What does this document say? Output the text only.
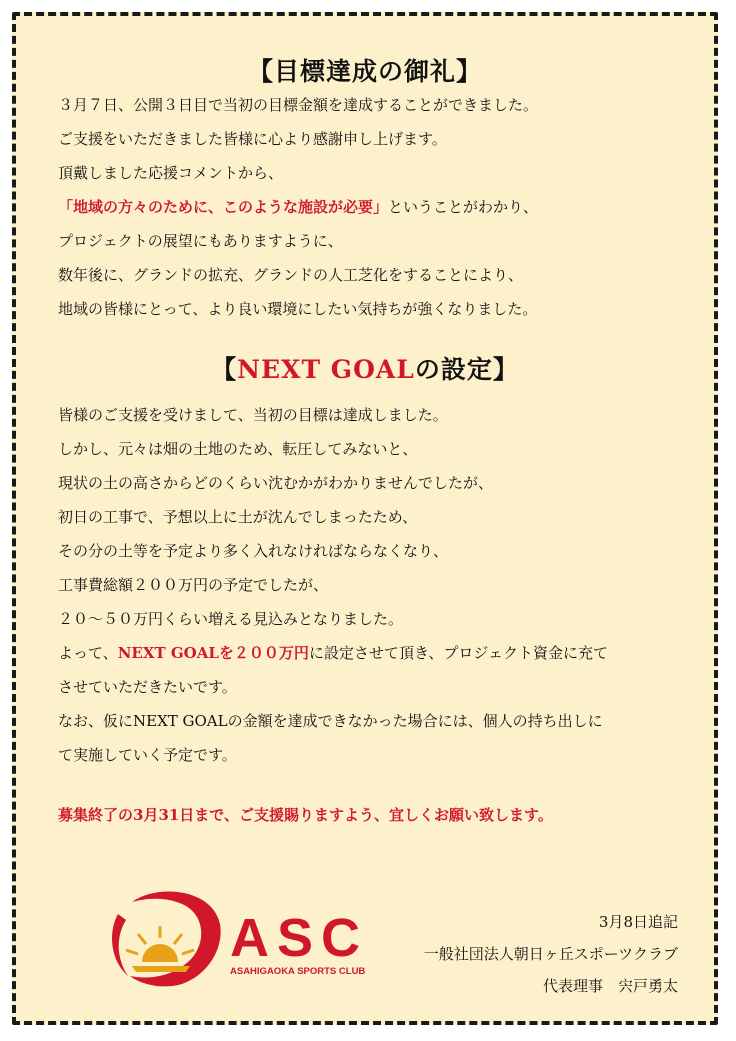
【目標達成の御礼】
３月７日、公開３日目で当初の目標金額を達成することができました。
ご支援をいただきました皆様に心より感謝申し上げます。
頂戴しました応援コメントから、
「地域の方々のために、このような施設が必要」ということがわかり、
プロジェクトの展望にもありますように、
数年後に、グランドの拡充、グランドの人工芝化をすることにより、
地域の皆様にとって、より良い環境にしたい気持ちが強くなりました。
【NEXT GOALの設定】
皆様のご支援を受けまして、当初の目標は達成しました。
しかし、元々は畑の土地のため、転圧してみないと、
現状の土の高さからどのくらい沈むかがわかりませんでしたが、
初日の工事で、予想以上に土が沈んでしまったため、
その分の土等を予定より多く入れなければならなくなり、
工事費総額２００万円の予定でしたが、
２０〜５０万円くらい増える見込みとなりました。
よって、NEXT GOALを２００万円に設定させて頂き、プロジェクト資金に充て
させていただきたいです。
なお、仮にNEXT GOALの金額を達成できなかった場合には、個人の持ち出しに
て実施していく予定です。
募集終了の3月31日まで、ご支援賜りますよう、宜しくお願い致します。
ASC
ASAHIGAOKA SPORTS CLUB
3月8日追記
一般社団法人朝日ヶ丘スポーツクラブ
代表理事　宍戸勇太
